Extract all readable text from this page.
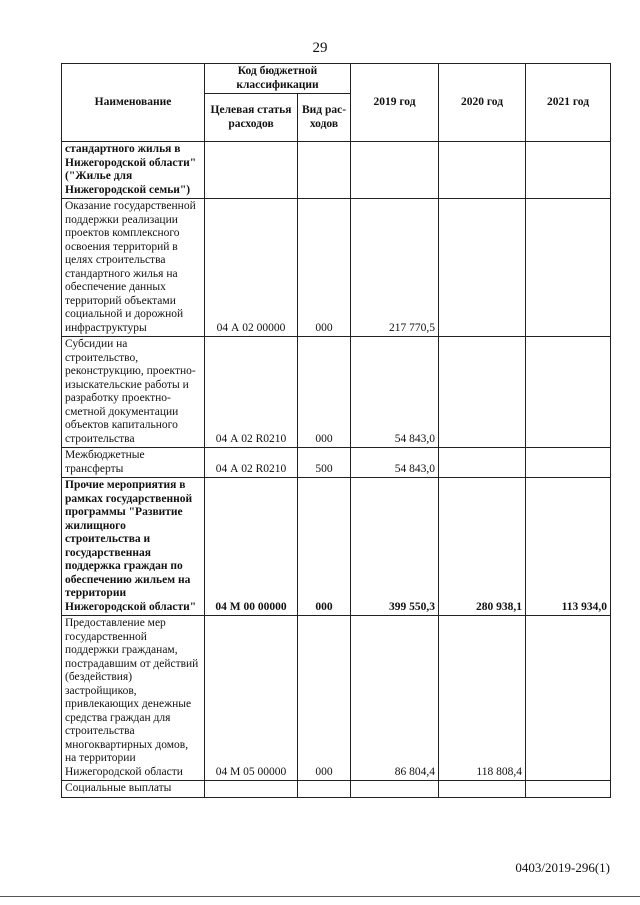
29
Наименование	Код бюджетной классификации		2019 год	2020 год	2021 год
	Целевая статья расходов	Вид рас-ходов			
стандартного жилья в Нижегородской области" ("Жилье для Нижегородской семьи")					
Оказание государственной поддержки реализации проектов комплексного освоения территорий в целях строительства стандартного жилья на обеспечение данных территорий объектами социальной и дорожной инфраструктуры	04 А 02 00000	000	217 770,5		
Субсидии на строительство, реконструкцию, проектно-изыскательские работы и разработку проектно-сметной документации объектов капитального строительства	04 А 02 R0210	000	54 843,0		
Межбюджетные трансферты	04 А 02 R0210	500	54 843,0		
Прочие мероприятия в рамках государственной программы "Развитие жилищного строительства и государственная поддержка граждан по обеспечению жильем на территории Нижегородской области"	04 М 00 00000	000	399 550,3	280 938,1	113 934,0
Предоставление мер государственной поддержки гражданам, пострадавшим от действий (бездействия) застройщиков, привлекающих денежные средства граждан для строительства многоквартирных домов, на территории Нижегородской области	04 М 05 00000	000	86 804,4	118 808,4	
Социальные выплаты					
0403/2019-296(1)
